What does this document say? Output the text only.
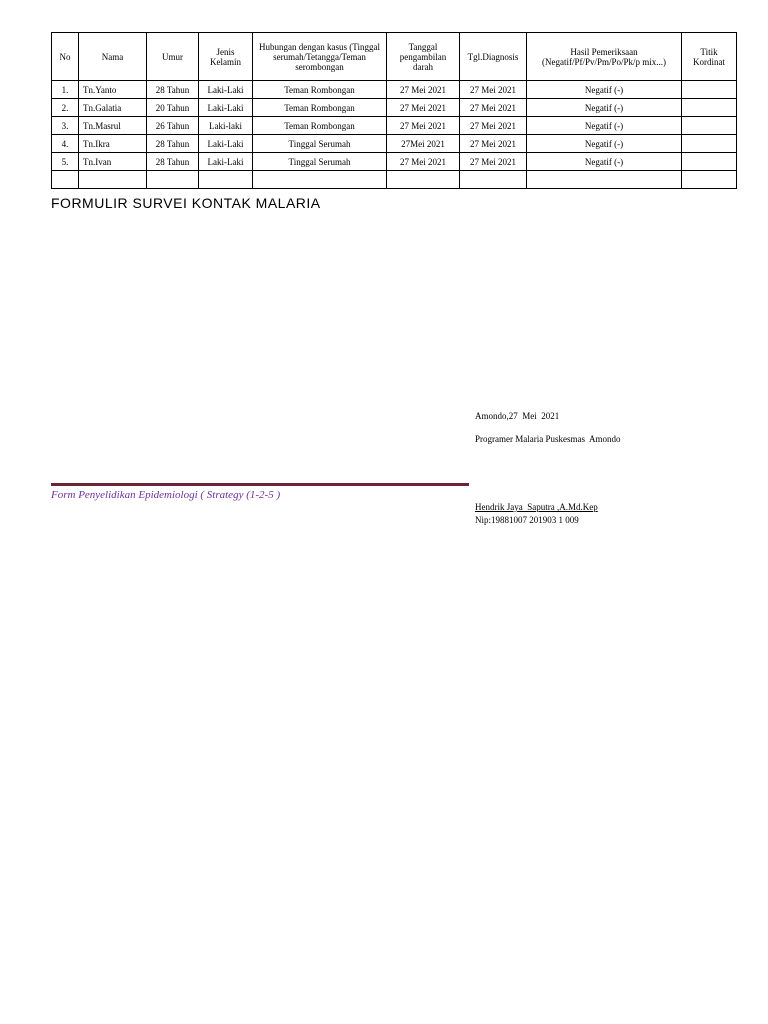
No	Nama	Umur	Jenis Kelamin	Hubungan dengan kasus (Tinggal serumah/Tetangga/Teman serombongan	Tanggal pengambilan darah	Tgl.Diagnosis	Hasil Pemeriksaan (Negatif/Pf/Pv/Pm/Po/Pk/p mix...)	Titik Kordinat
1.	Tn.Yanto	28 Tahun	Laki-Laki	Teman Rombongan	27 Mei 2021	27 Mei 2021	Negatif (-)	
2.	Tn.Galatia	20 Tahun	Laki-Laki	Teman Rombongan	27 Mei 2021	27 Mei 2021	Negatif (-)	
3.	Tn.Masrul	26 Tahun	Laki-laki	Teman Rombongan	27 Mei 2021	27 Mei 2021	Negatif (-)	
4.	Tn.Ikra	28 Tahun	Laki-Laki	Tinggal Serumah	27Mei 2021	27 Mei 2021	Negatif (-)	
5.	Tn.Ivan	28 Tahun	Laki-Laki	Tinggal Serumah	27 Mei 2021	27 Mei 2021	Negatif (-)	

FORMULIR SURVEI KONTAK MALARIA
Amondo,27  Mei  2021
Programer Malaria Puskesmas  Amondo
Hendrik Jaya  Saputra ,A.Md.Kep
Nip:19881007 201903 1 009
Form Penyelidikan Epidemiologi ( Strategy (1-2-5 )
